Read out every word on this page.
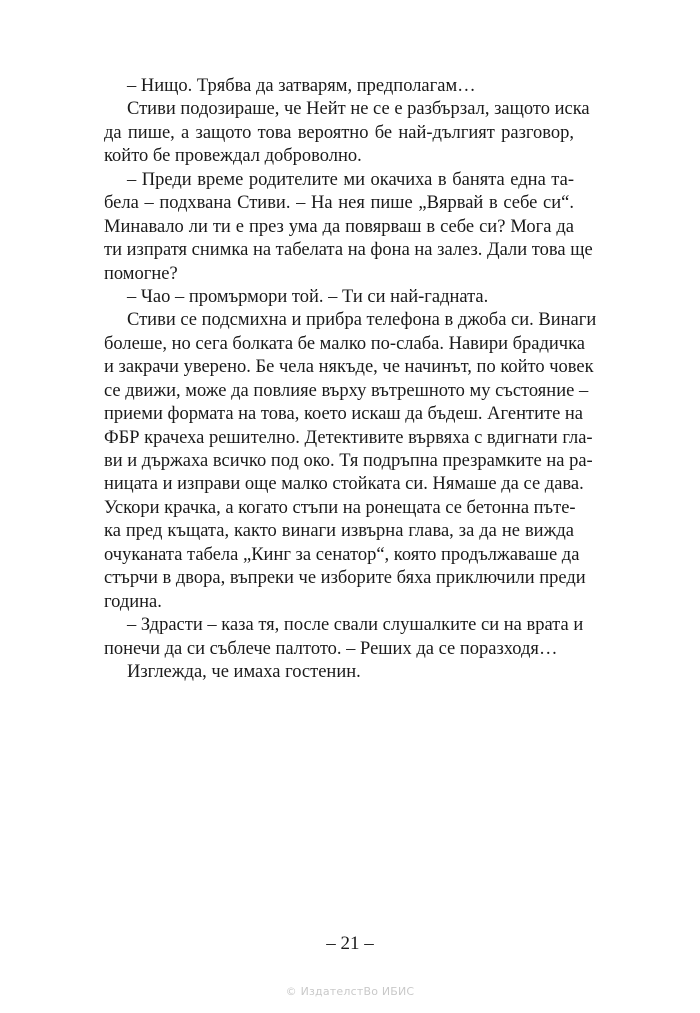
– Нищо. Трябва да затварям, предполагам…
Стиви подозираше, че Нейт не се е разбързал, защото иска
да пише, а защото това вероятно бе най-дългият разговор,
който бе провеждал доброволно.
– Преди време родителите ми окачиха в банята една та-
бела – подхвана Стиви. – На нея пише „Вярвай в себе си“.
Минавало ли ти е през ума да повярваш в себе си? Мога да
ти изпратя снимка на табелата на фона на залез. Дали това ще
помогне?
– Чао – промърмори той. – Ти си най-гадната.
Стиви се подсмихна и прибра телефона в джоба си. Винаги
болеше, но сега болката бе малко по-слаба. Навири брадичка
и закрачи уверено. Бе чела някъде, че начинът, по който човек
се движи, може да повлияе върху вътрешното му състояние –
приеми формата на това, което искаш да бъдеш. Агентите на
ФБР крачеха решително. Детективите вървяха с вдигнати гла-
ви и държаха всичко под око. Тя подръпна презрамките на ра-
ницата и изправи още малко стойката си. Нямаше да се дава.
Ускори крачка, а когато стъпи на ронещата се бетонна пъте-
ка пред къщата, както винаги извърна глава, за да не вижда
очуканата табела „Кинг за сенатор“, която продължаваше да
стърчи в двора, въпреки че изборите бяха приключили преди
година.
– Здрасти – каза тя, после свали слушалките си на врата и
понечи да си съблече палтото. – Реших да се поразходя…
Изглежда, че имаха гостенин.
– 21 –
© ИздателстВо ИБИС
